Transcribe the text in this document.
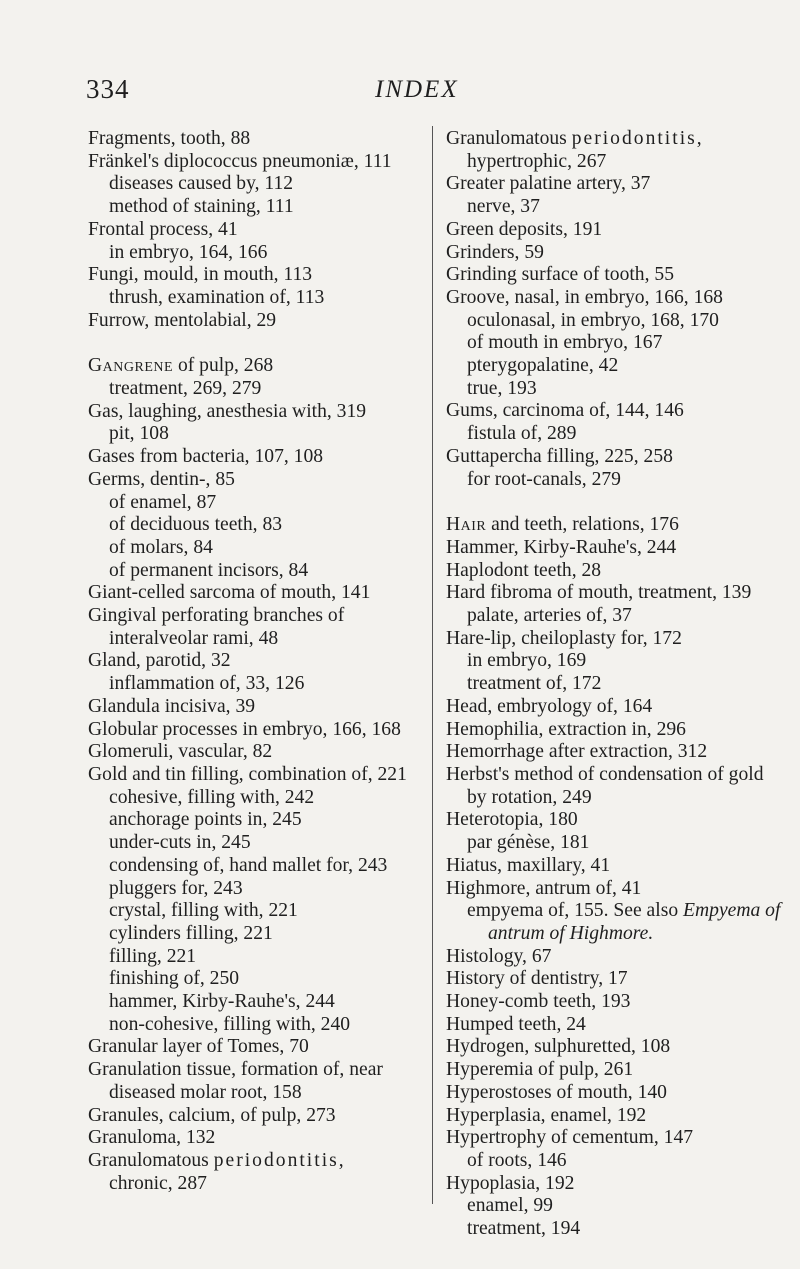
334	INDEX
Fragments, tooth, 88
Fränkel's diplococcus pneumoniæ, 111
diseases caused by, 112
method of staining, 111
Frontal process, 41
in embryo, 164, 166
Fungi, mould, in mouth, 113
thrush, examination of, 113
Furrow, mentolabial, 29
Gangrene of pulp, 268
treatment, 269, 279
Gas, laughing, anesthesia with, 319
pit, 108
Gases from bacteria, 107, 108
Germs, dentin-, 85
of enamel, 87
of deciduous teeth, 83
of molars, 84
of permanent incisors, 84
Giant-celled sarcoma of mouth, 141
Gingival perforating branches of interalveolar rami, 48
Gland, parotid, 32
inflammation of, 33, 126
Glandula incisiva, 39
Globular processes in embryo, 166, 168
Glomeruli, vascular, 82
Gold and tin filling, combination of, 221
cohesive, filling with, 242
anchorage points in, 245
under-cuts in, 245
condensing of, hand mallet for, 243
pluggers for, 243
crystal, filling with, 221
cylinders filling, 221
filling, 221
finishing of, 250
hammer, Kirby-Rauhe's, 244
non-cohesive, filling with, 240
Granular layer of Tomes, 70
Granulation tissue, formation of, near diseased molar root, 158
Granules, calcium, of pulp, 273
Granuloma, 132
Granulomatous periodontitis,
chronic, 287
Granulomatous periodontitis,
hypertrophic, 267
Greater palatine artery, 37
nerve, 37
Green deposits, 191
Grinders, 59
Grinding surface of tooth, 55
Groove, nasal, in embryo, 166, 168
oculonasal, in embryo, 168, 170
of mouth in embryo, 167
pterygopalatine, 42
true, 193
Gums, carcinoma of, 144, 146
fistula of, 289
Guttapercha filling, 225, 258
for root-canals, 279
Hair and teeth, relations, 176
Hammer, Kirby-Rauhe's, 244
Haplodont teeth, 28
Hard fibroma of mouth, treatment, 139
palate, arteries of, 37
Hare-lip, cheiloplasty for, 172
in embryo, 169
treatment of, 172
Head, embryology of, 164
Hemophilia, extraction in, 296
Hemorrhage after extraction, 312
Herbst's method of condensation of gold by rotation, 249
Heterotopia, 180
par génèse, 181
Hiatus, maxillary, 41
Highmore, antrum of, 41
empyema of, 155. See also Empyema of antrum of Highmore.
Histology, 67
History of dentistry, 17
Honey-comb teeth, 193
Humped teeth, 24
Hydrogen, sulphuretted, 108
Hyperemia of pulp, 261
Hyperostoses of mouth, 140
Hyperplasia, enamel, 192
Hypertrophy of cementum, 147
of roots, 146
Hypoplasia, 192
enamel, 99
treatment, 194
